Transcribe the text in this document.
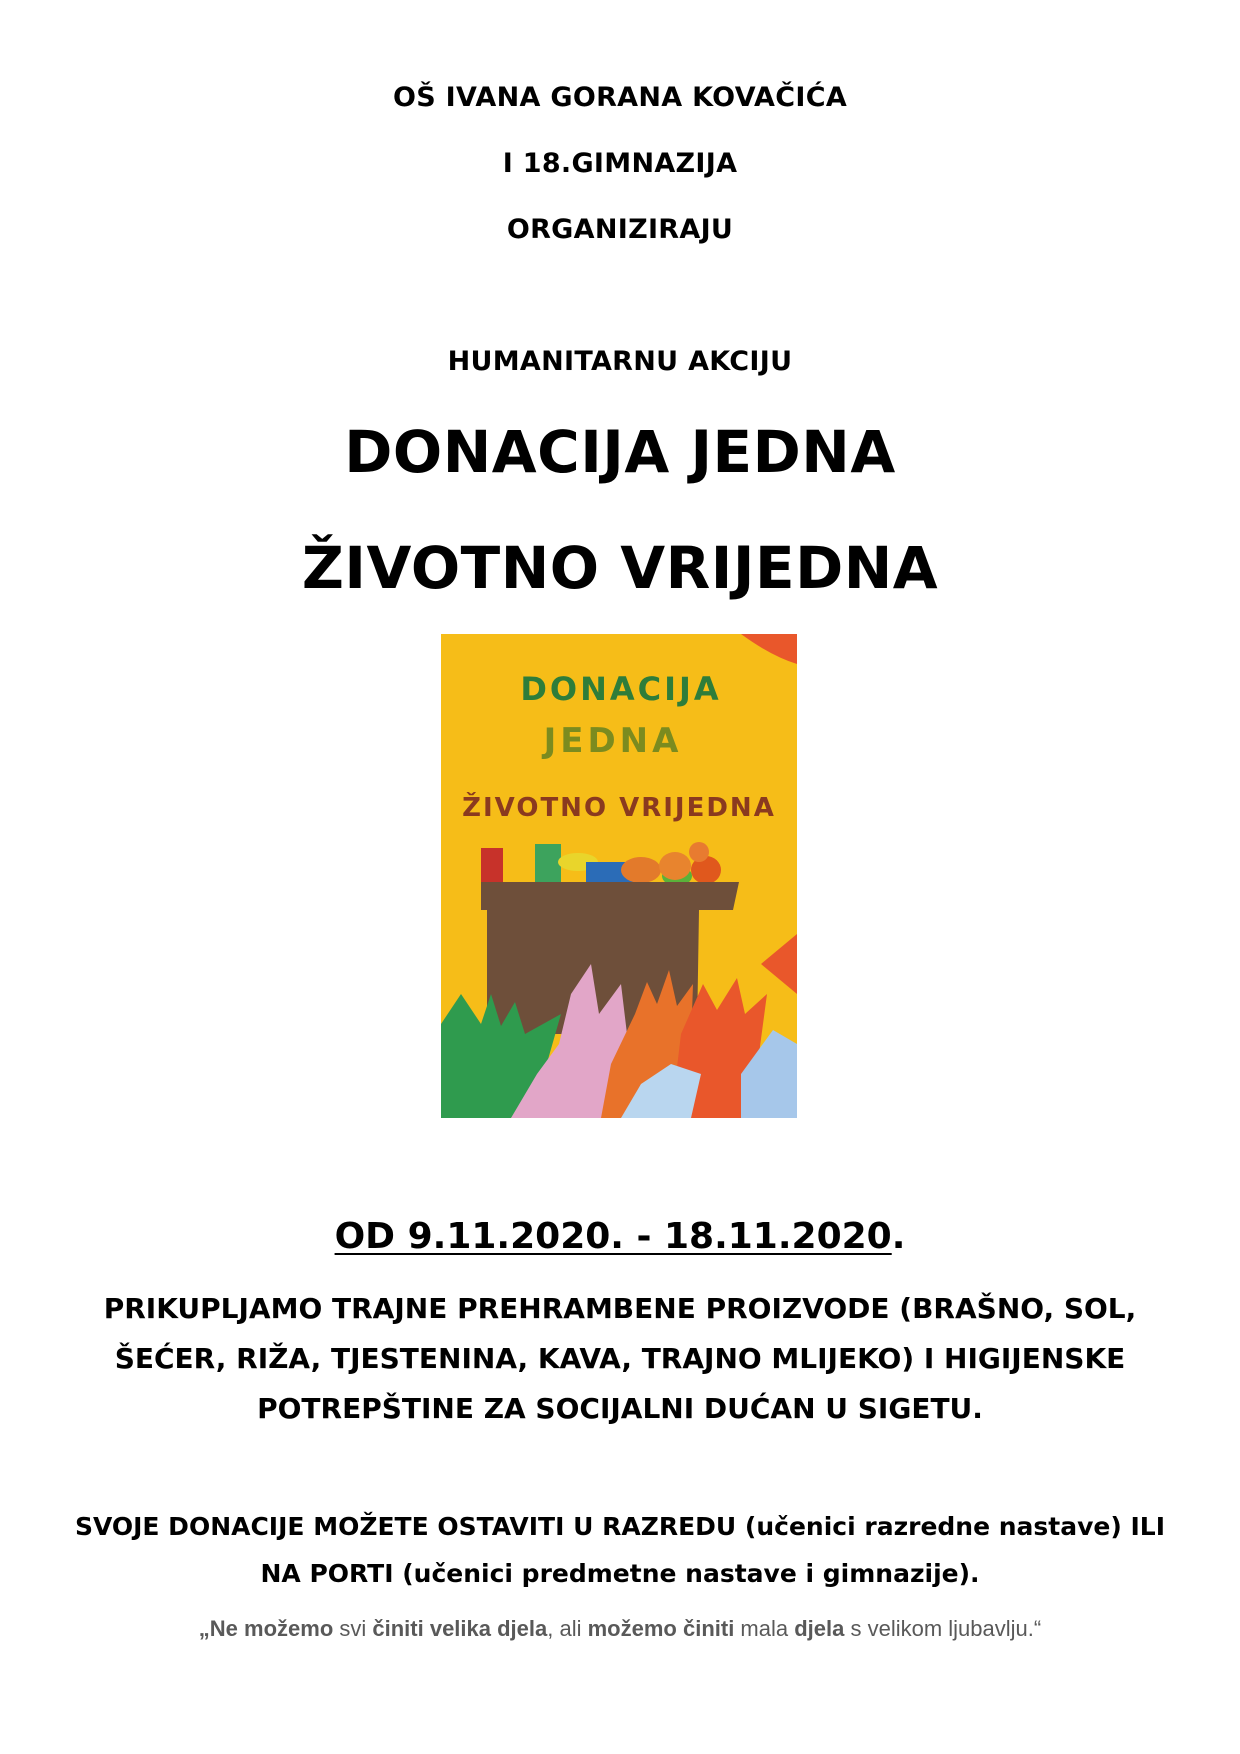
OŠ IVANA GORANA KOVAČIĆA
I 18.GIMNAZIJA
ORGANIZIRAJU
HUMANITARNU AKCIJU
DONACIJA JEDNA
ŽIVOTNO VRIJEDNA
DONACIJA
JEDNA
ŽIVOTNO VRIJEDNA
OD 9.11.2020. - 18.11.2020.
PRIKUPLJAMO TRAJNE PREHRAMBENE PROIZVODE (BRAŠNO, SOL,
ŠEĆER, RIŽA, TJESTENINA, KAVA, TRAJNO MLIJEKO) I HIGIJENSKE
POTREPŠTINE ZA SOCIJALNI DUĆAN U SIGETU.
SVOJE DONACIJE MOŽETE OSTAVITI U RAZREDU (učenici razredne nastave) ILI
NA PORTI (učenici predmetne nastave i gimnazije).
„Ne možemo svi činiti velika djela, ali možemo činiti mala djela s velikom ljubavlju.“
